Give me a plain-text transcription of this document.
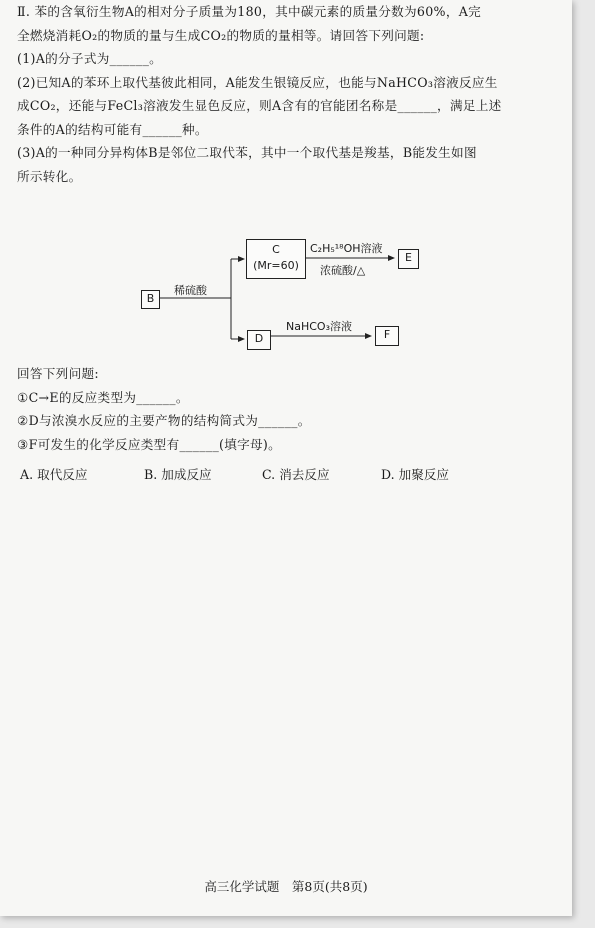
Ⅱ. 苯的含氧衍生物A的相对分子质量为180，其中碳元素的质量分数为60%，A完
全燃烧消耗O₂的物质的量与生成CO₂的物质的量相等。请回答下列问题:
(1)A的分子式为______。
(2)已知A的苯环上取代基彼此相同，A能发生银镜反应，也能与NaHCO₃溶液反应生
成CO₂，还能与FeCl₃溶液发生显色反应，则A含有的官能团名称是______，满足上述
条件的A的结构可能有______种。
(3)A的一种同分异构体B是邻位二取代苯，其中一个取代基是羧基，B能发生如图
所示转化。
B
稀硫酸
C
(Mr=60)
C₂H₅¹⁸OH溶液
浓硫酸/△
E
D
NaHCO₃溶液
F
回答下列问题:
①C→E的反应类型为______。
②D与浓溴水反应的主要产物的结构简式为______。
③F可发生的化学反应类型有______(填字母)。
A. 取代反应	B. 加成反应	C. 消去反应	D. 加聚反应
高三化学试题　第8页(共8页)
